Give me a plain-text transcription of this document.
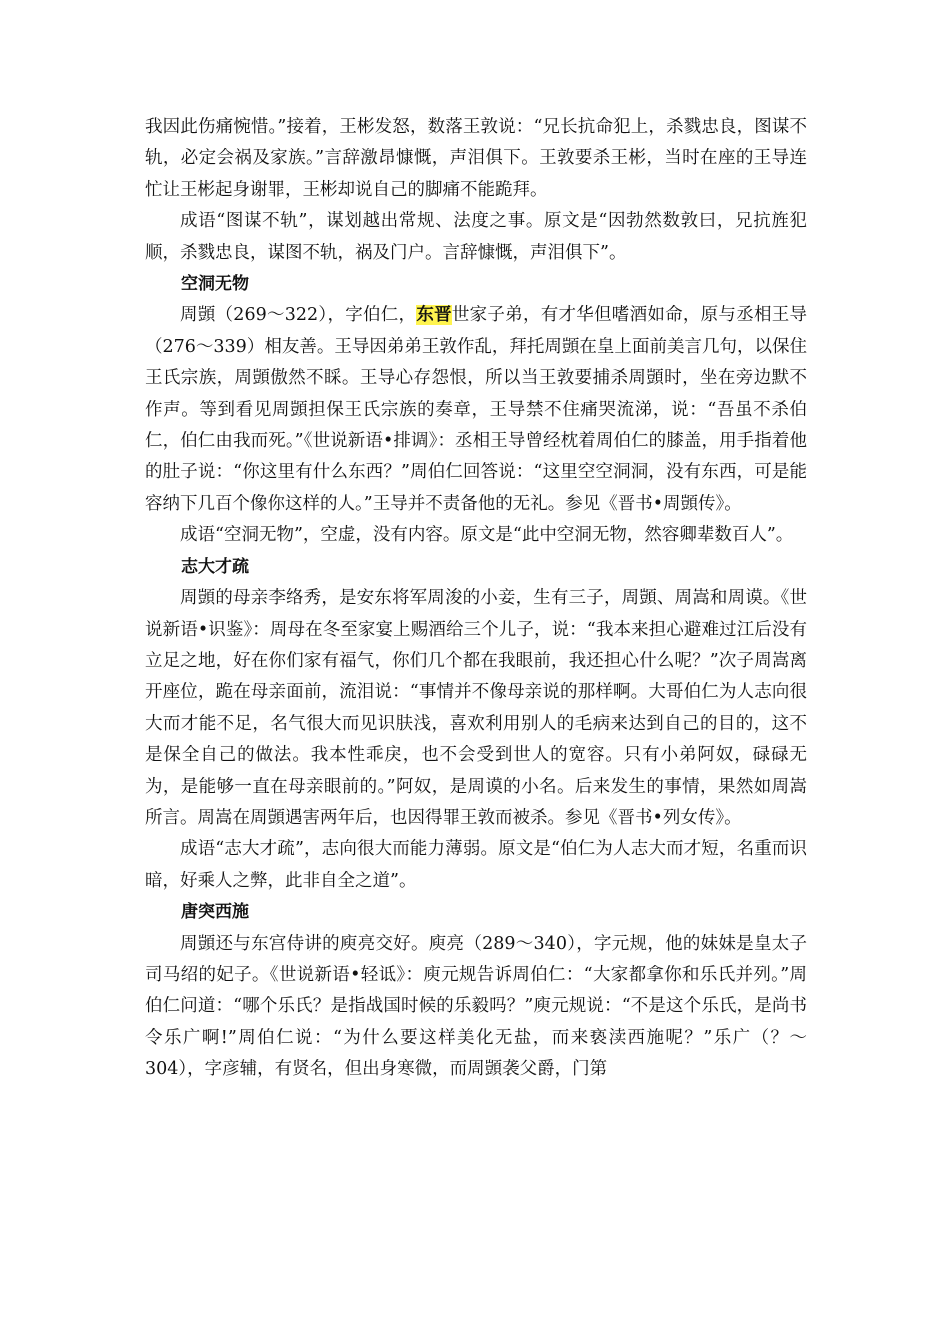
我因此伤痛惋惜。”接着，王彬发怒，数落王敦说：“兄长抗命犯上，杀戮忠良，图谋不轨，必定会祸及家族。”言辞激昂慷慨，声泪俱下。王敦要杀王彬，当时在座的王导连忙让王彬起身谢罪，王彬却说自己的脚痛不能跪拜。

成语“图谋不轨”，谋划越出常规、法度之事。原文是“因勃然数敦曰，兄抗旌犯顺，杀戮忠良，谋图不轨，祸及门户。言辞慷慨，声泪俱下”。

空洞无物

周顗（269～322），字伯仁，东晋世家子弟，有才华但嗜酒如命，原与丞相王导（276～339）相友善。王导因弟弟王敦作乱，拜托周顗在皇上面前美言几句，以保住王氏宗族，周顗傲然不睬。王导心存怨恨，所以当王敦要捕杀周顗时，坐在旁边默不作声。等到看见周顗担保王氏宗族的奏章，王导禁不住痛哭流涕，说：“吾虽不杀伯仁，伯仁由我而死。”《世说新语•排调》：丞相王导曾经枕着周伯仁的膝盖，用手指着他的肚子说：“你这里有什么东西？”周伯仁回答说：“这里空空洞洞，没有东西，可是能容纳下几百个像你这样的人。”王导并不责备他的无礼。参见《晋书•周顗传》。

成语“空洞无物”，空虚，没有内容。原文是“此中空洞无物，然容卿辈数百人”。

志大才疏

周顗的母亲李络秀，是安东将军周浚的小妾，生有三子，周顗、周嵩和周谟。《世说新语•识鉴》：周母在冬至家宴上赐酒给三个儿子，说：“我本来担心避难过江后没有立足之地，好在你们家有福气，你们几个都在我眼前，我还担心什么呢？”次子周嵩离开座位，跪在母亲面前，流泪说：“事情并不像母亲说的那样啊。大哥伯仁为人志向很大而才能不足，名气很大而见识肤浅，喜欢利用别人的毛病来达到自己的目的，这不是保全自己的做法。我本性乖戾，也不会受到世人的宽容。只有小弟阿奴，碌碌无为，是能够一直在母亲眼前的。”阿奴，是周谟的小名。后来发生的事情，果然如周嵩所言。周嵩在周顗遇害两年后，也因得罪王敦而被杀。参见《晋书•列女传》。

成语“志大才疏”，志向很大而能力薄弱。原文是“伯仁为人志大而才短，名重而识暗，好乘人之弊，此非自全之道”。

唐突西施

周顗还与东宫侍讲的庾亮交好。庾亮（289～340），字元规，他的妹妹是皇太子司马绍的妃子。《世说新语•轻诋》：庾元规告诉周伯仁：“大家都拿你和乐氏并列。”周伯仁问道：“哪个乐氏？是指战国时候的乐毅吗？”庾元规说：“不是这个乐氏，是尚书令乐广啊!”周伯仁说：“为什么要这样美化无盐，而来亵渎西施呢？”乐广（？～304），字彦辅，有贤名，但出身寒微，而周顗袭父爵，门第
